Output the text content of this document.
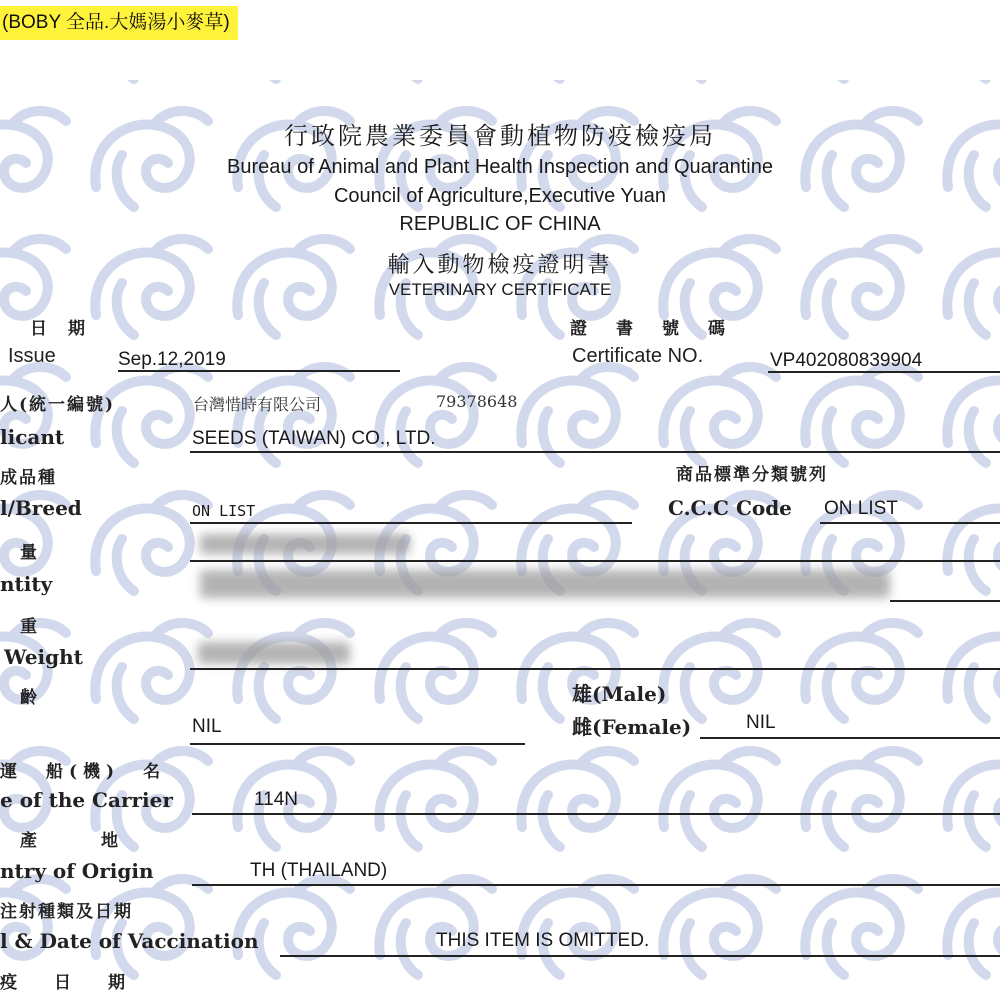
(BOBY 全品.大媽湯小麥草)
行政院農業委員會動植物防疫檢疫局
Bureau of Animal and Plant Health Inspection and Quarantine
Council of Agriculture,Executive Yuan
REPUBLIC OF CHINA
輸入動物檢疫證明書
VETERINARY CERTIFICATE
日　期
Issue	Sep.12,2019
證　書　號　碼
Certificate NO.	VP402080839904
人(統一編號)	台灣惜時有限公司	79378648
licant	SEEDS (TAIWAN) CO., LTD.
成品種
l/Breed	ON LIST
商品標準分類號列
C.C.C Code ON LIST
量
ntity
重
Weight
齡
NIL
雄(Male)
雌(Female)	NIL
運　船(機)　名
e of the Carrier	114N
產　　地
ntry of Origin	TH (THAILAND)
注射種類及日期
l & Date of Vaccination	THIS ITEM IS OMITTED.
疫　日　期
